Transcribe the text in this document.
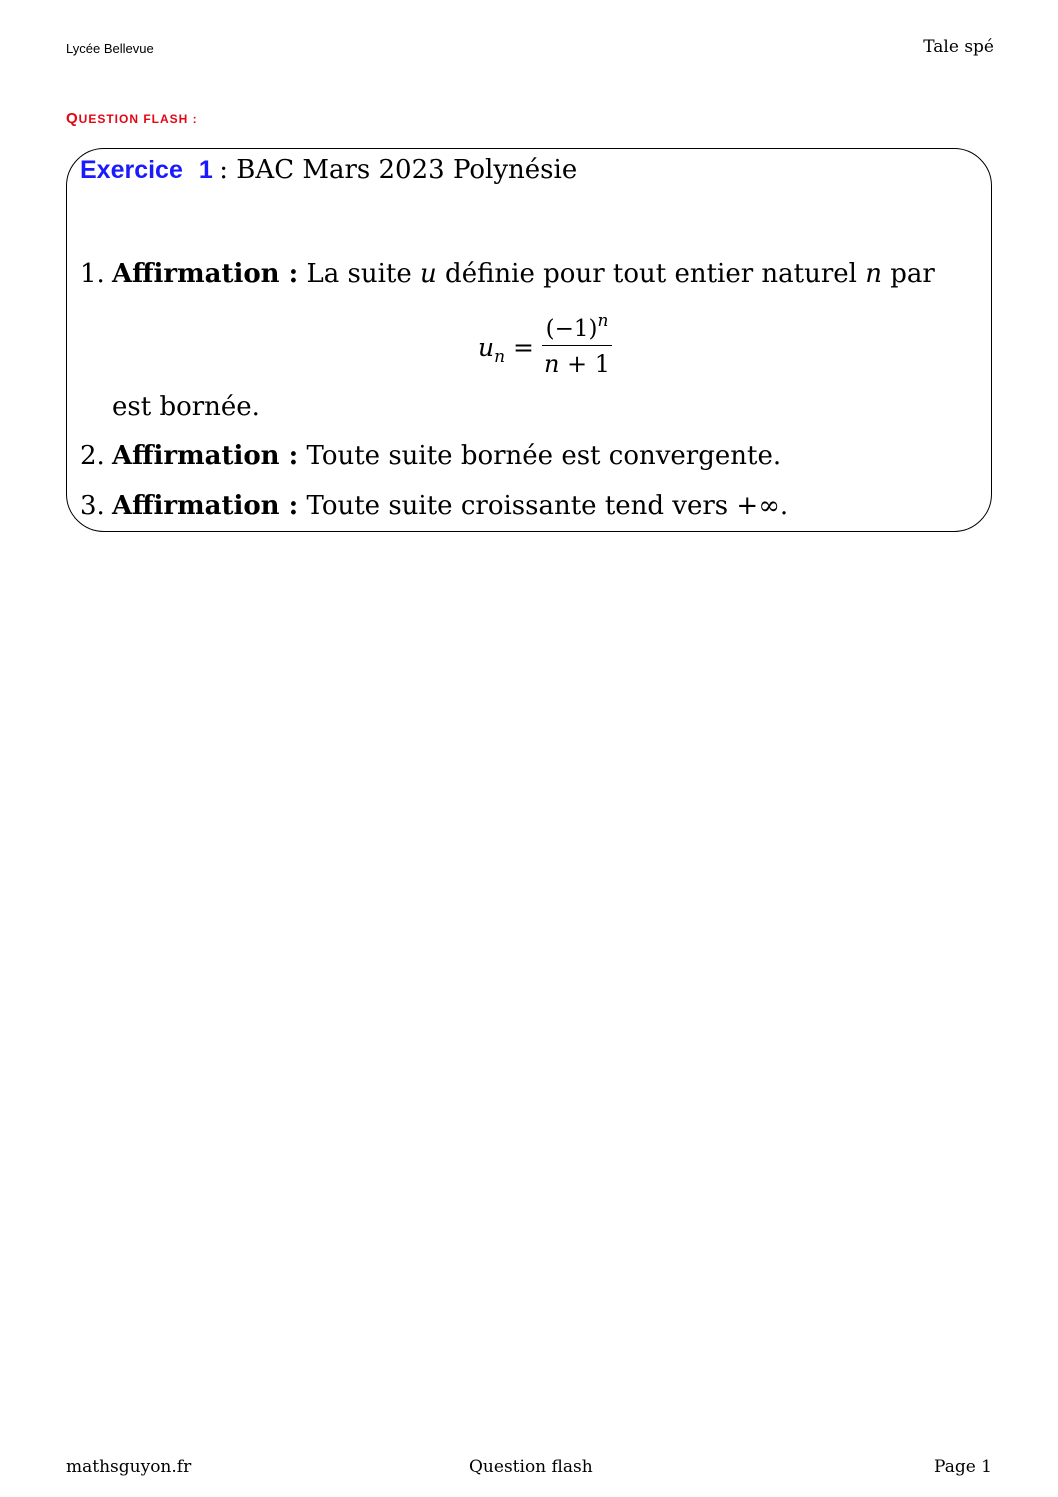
Lycée Bellevue	Tale spé
QUESTION FLASH :
Exercice 1 : BAC Mars 2023 Polynésie
1. Affirmation : La suite u définie pour tout entier naturel n par
$u_n$ =
$(-1)^n$
n + 1
est bornée.
2. Affirmation : Toute suite bornée est convergente.
3. Affirmation : Toute suite croissante tend vers +∞.
mathsguyon.fr	Question flash	Page 1
